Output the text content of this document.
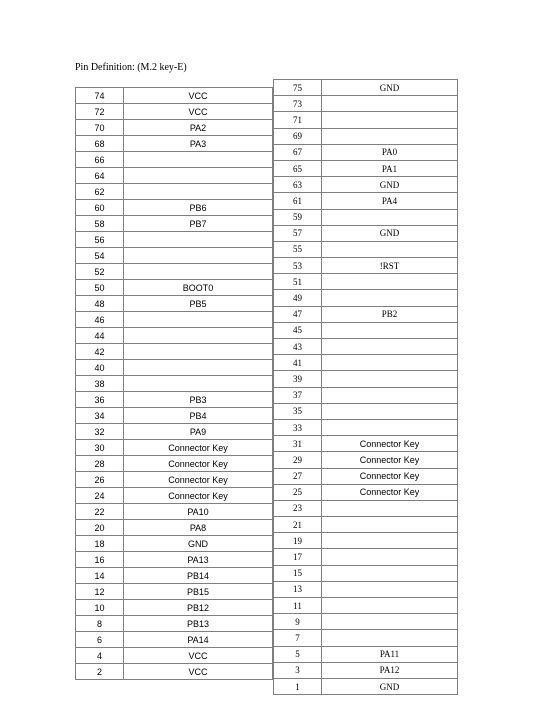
Pin Definition: (M.2 key-E)
74	VCC
72	VCC
70	PA2
68	PA3
66	
64	
62	
60	PB6
58	PB7
56	
54	
52	
50	BOOT0
48	PB5
46	
44	
42	
40	
38	
36	PB3
34	PB4
32	PA9
30	Connector Key
28	Connector Key
26	Connector Key
24	Connector Key
22	PA10
20	PA8
18	GND
16	PA13
14	PB14
12	PB15
10	PB12
8	PB13
6	PA14
4	VCC
2	VCC
75	GND
73	
71	
69	
67	PA0
65	PA1
63	GND
61	PA4
59	
57	GND
55	
53	!RST
51	
49	
47	PB2
45	
43	
41	
39	
37	
35	
33	
31	Connector Key
29	Connector Key
27	Connector Key
25	Connector Key
23	
21	
19	
17	
15	
13	
11	
9	
7	
5	PA11
3	PA12
1	GND
